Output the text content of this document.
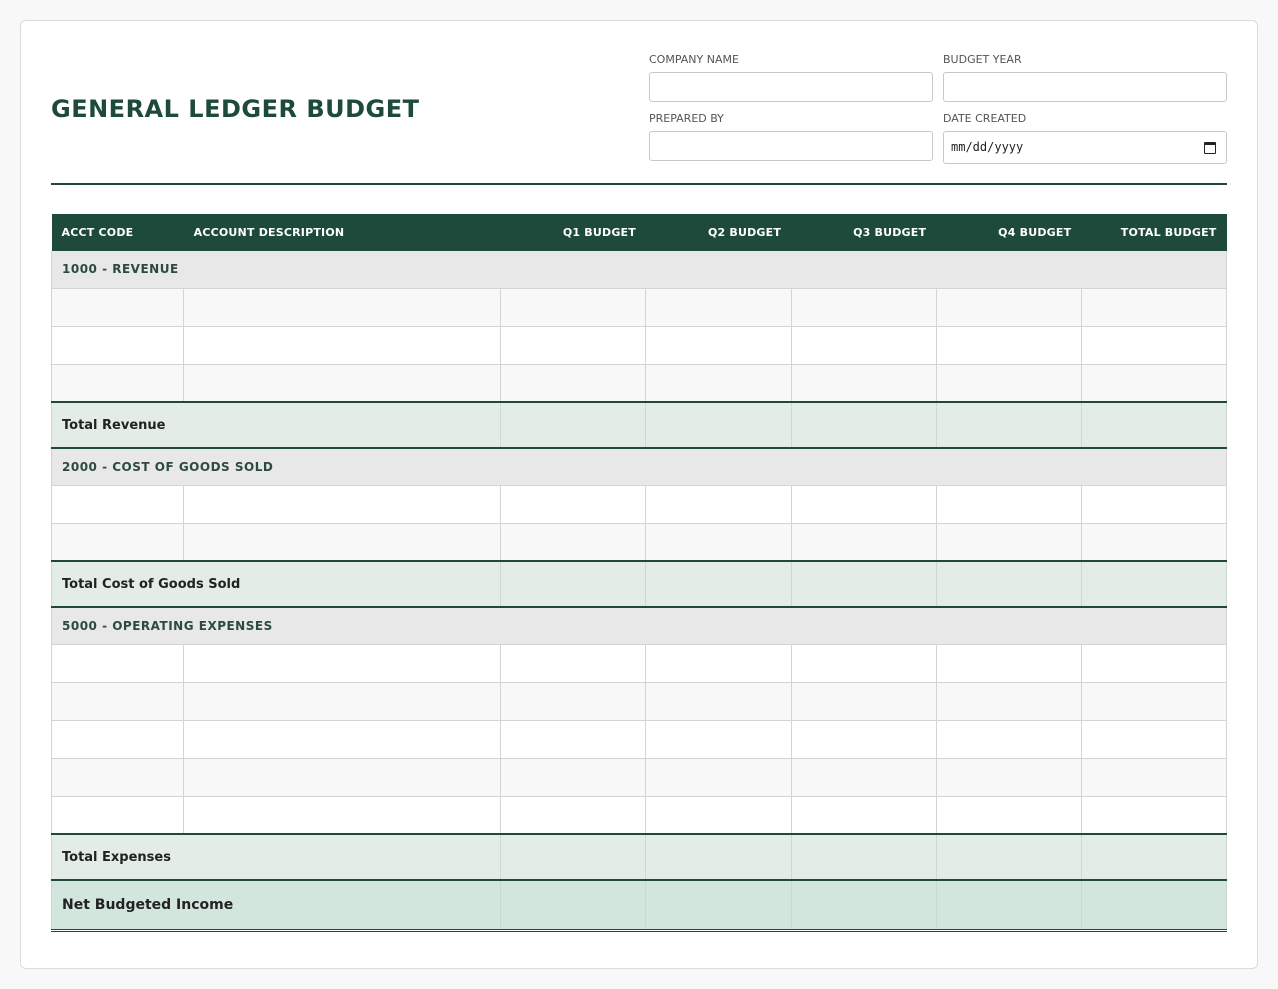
GENERAL LEDGER BUDGET
COMPANY NAME	BUDGET YEAR
PREPARED BY	DATE CREATED
mm/dd/yyyy
ACCT CODE	ACCOUNT DESCRIPTION	Q1 BUDGET	Q2 BUDGET	Q3 BUDGET	Q4 BUDGET	TOTAL BUDGET
1000 - REVENUE						

Total Revenue						
2000 - COST OF GOODS SOLD						

Total Cost of Goods Sold						
5000 - OPERATING EXPENSES						

Total Expenses						
Net Budgeted Income						
